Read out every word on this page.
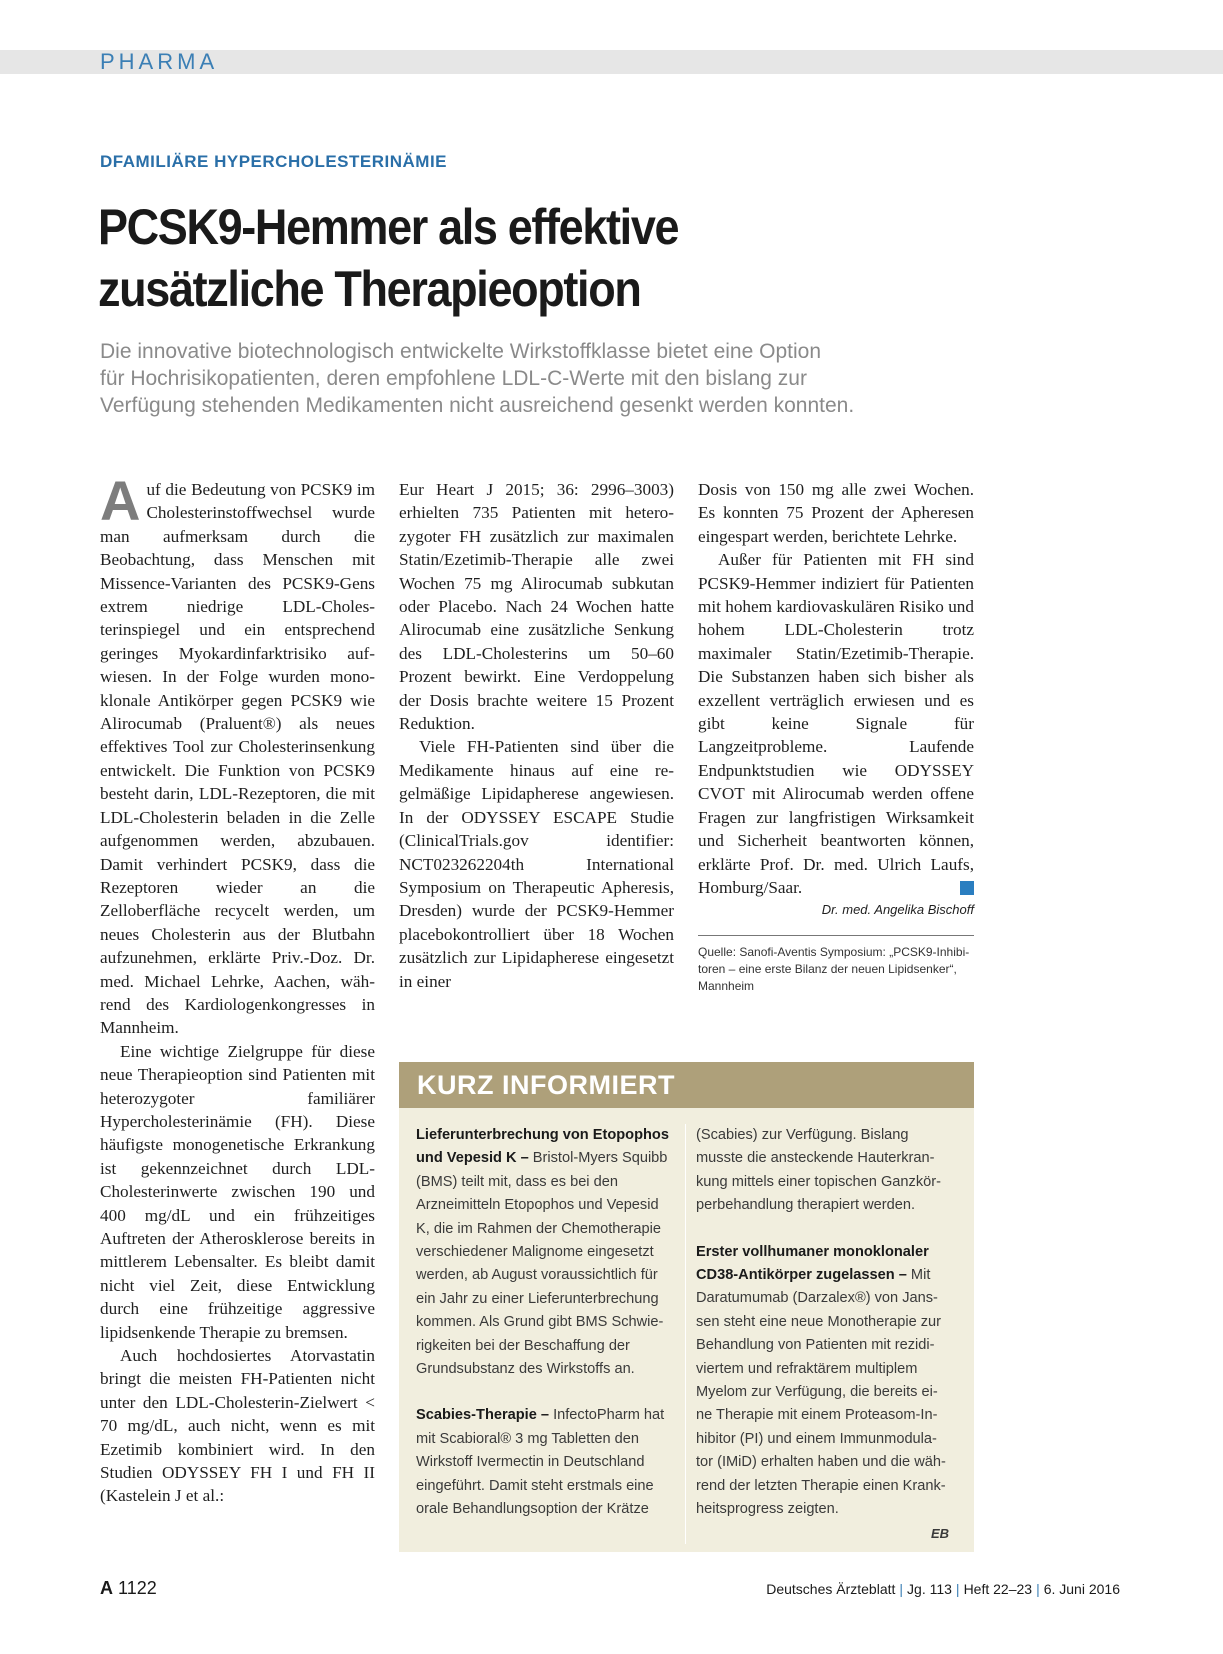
PHARMA
DFAMILIÄRE HYPERCHOLESTERINÄMIE
PCSK9-Hemmer als effektive
zusätzliche Therapieoption
Die innovative biotechnologisch entwickelte Wirkstoffklasse bietet eine Option
für Hochrisikopatienten, deren empfohlene LDL-C-Werte mit den bislang zur
Verfügung stehenden Medikamenten nicht ausreichend gesenkt werden konnten.

Auf die Bedeutung von PCSK9 im Cholesterinstoffwechsel wurde man aufmerksam durch die Beobachtung, dass Menschen mit Missence-Varianten des PCSK9-Gens extrem niedrige LDL-Cholesterinspiegel und ein entsprechend geringes Myokardinfarktrisiko aufwiesen. In der Folge wurden monoklonale Antikörper gegen PCSK9 wie Alirocumab (Praluent®) als neues effektives Tool zur Cholesterinsenkung entwickelt. Die Funktion von PCSK9 besteht darin, LDL-Rezeptoren, die mit LDL-Cholesterin beladen in die Zelle aufgenommen werden, abzubauen. Damit verhindert PCSK9, dass die Rezeptoren wieder an die Zelloberfläche recycelt werden, um neues Cholesterin aus der Blutbahn aufzunehmen, erklärte Priv.-Doz. Dr. med. Michael Lehrke, Aachen, während des Kardiologenkongresses in Mannheim.

Eine wichtige Zielgruppe für diese neue Therapieoption sind Patienten mit heterozygoter familiärer Hypercholesterinämie (FH). Diese häufigste monogenetische Erkrankung ist gekennzeichnet durch LDL-Cholesterinwerte zwischen 190 und 400 mg/dL und ein frühzeitiges Auftreten der Atherosklerose bereits in mittlerem Lebensalter. Es bleibt damit nicht viel Zeit, diese Entwicklung durch eine frühzeitige aggressive lipidsenkende Therapie zu bremsen.

Auch hochdosiertes Atorvastatin bringt die meisten FH-Patienten nicht unter den LDL-Cholesterin-Zielwert < 70 mg/dL, auch nicht, wenn es mit Ezetimib kombiniert wird. In den Studien ODYSSEY FH I und FH II (Kastelein J et al.:

Eur Heart J 2015; 36: 2996–3003) erhielten 735 Patienten mit heterozygoter FH zusätzlich zur maximalen Statin/Ezetimib-Therapie alle zwei Wochen 75 mg Alirocumab subkutan oder Placebo. Nach 24 Wochen hatte Alirocumab eine zusätzliche Senkung des LDL-Cholesterins um 50–60 Prozent bewirkt. Eine Verdoppelung der Dosis brachte weitere 15 Prozent Reduktion.

Viele FH-Patienten sind über die Medikamente hinaus auf eine regelmäßige Lipidapherese angewiesen. In der ODYSSEY ESCAPE Studie (ClinicalTrials.gov identifier: NCT023262204th International Symposium on Therapeutic Apheresis, Dresden) wurde der PCSK9-Hemmer placebokontrolliert über 18 Wochen zusätzlich zur Lipidapherese eingesetzt in einer

Dosis von 150 mg alle zwei Wochen. Es konnten 75 Prozent der Apheresen eingespart werden, berichtete Lehrke.

Außer für Patienten mit FH sind PCSK9-Hemmer indiziert für Patienten mit hohem kardiovaskulären Risiko und hohem LDL-Cholesterin trotz maximaler Statin/Ezetimib-Therapie. Die Substanzen haben sich bisher als exzellent verträglich erwiesen und es gibt keine Signale für Langzeitprobleme. Laufende Endpunktstudien wie ODYSSEY CVOT mit Alirocumab werden offene Fragen zur langfristigen Wirksamkeit und Sicherheit beantworten können, erklärte Prof. Dr. med. Ulrich Laufs, Homburg/Saar.

Dr. med. Angelika Bischoff
Quelle: Sanofi-Aventis Symposium: „PCSK9-Inhibitoren – eine erste Bilanz der neuen Lipidsenker“, Mannheim
KURZ INFORMIERT

Lieferunterbrechung von Etopophos und Vepesid K – Bristol-Myers Squibb (BMS) teilt mit, dass es bei den Arzneimitteln Etopophos und Vepesid K, die im Rahmen der Chemotherapie verschiedener Malignome eingesetzt werden, ab August voraussichtlich für ein Jahr zu einer Lieferunterbrechung kommen. Als Grund gibt BMS Schwierigkeiten bei der Beschaffung der Grundsubstanz des Wirkstoffs an.

Scabies-Therapie – InfectoPharm hat mit Scabioral® 3 mg Tabletten den Wirkstoff Ivermectin in Deutschland eingeführt. Damit steht erstmals eine orale Behandlungsoption der Krätze

(Scabies) zur Verfügung. Bislang musste die ansteckende Hauterkrankung mittels einer topischen Ganzkörperbehandlung therapiert werden.

Erster vollhumaner monoklonaler CD38-Antikörper zugelassen – Mit Daratumumab (Darzalex®) von Janssen steht eine neue Monotherapie zur Behandlung von Patienten mit rezidiviertem und refraktärem multiplem Myelom zur Verfügung, die bereits eine Therapie mit einem Proteasom-Inhibitor (PI) und einem Immunmodulator (IMiD) erhalten haben und die während der letzten Therapie einen Krankheitsprogress zeigten.

EB
A 1122	Deutsches Ärzteblatt | Jg. 113 | Heft 22–23 | 6. Juni 2016
